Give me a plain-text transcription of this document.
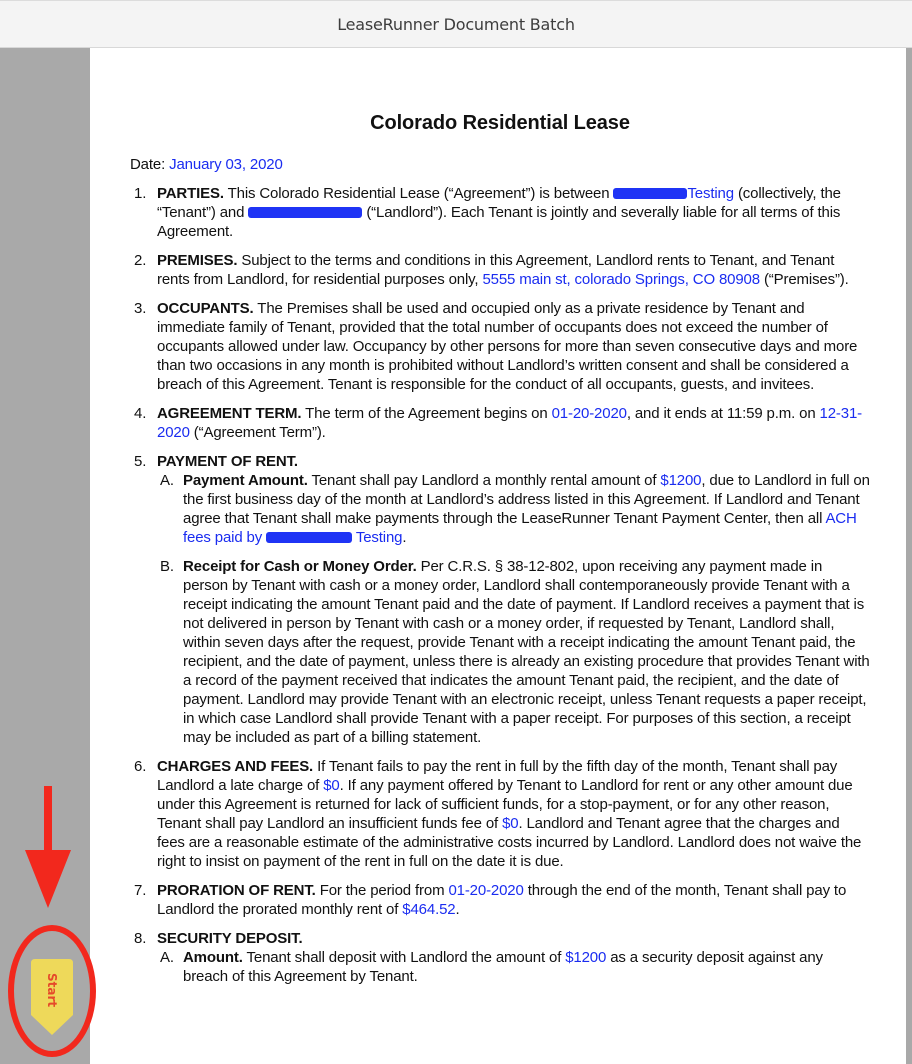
LeaseRunner Document Batch
Colorado Residential Lease
Date: January 03, 2020
1. PARTIES. This Colorado Residential Lease (“Agreement”) is between	Testing (collectively, the “Tenant”) and	(“Landlord”). Each Tenant is jointly and severally liable for all terms of this Agreement.
2. PREMISES. Subject to the terms and conditions in this Agreement, Landlord rents to Tenant, and Tenant rents from Landlord, for residential purposes only, 5555 main st, colorado Springs, CO 80908 (“Premises”).
3. OCCUPANTS. The Premises shall be used and occupied only as a private residence by Tenant and immediate family of Tenant, provided that the total number of occupants does not exceed the number of occupants allowed under law. Occupancy by other persons for more than seven consecutive days and more than two occasions in any month is prohibited without Landlord’s written consent and shall be considered a breach of this Agreement. Tenant is responsible for the conduct of all occupants, guests, and invitees.
4. AGREEMENT TERM. The term of the Agreement begins on 01-20-2020, and it ends at 11:59 p.m. on 12-31-2020 (“Agreement Term”).
5. PAYMENT OF RENT.
A. Payment Amount. Tenant shall pay Landlord a monthly rental amount of $1200, due to Landlord in full on the first business day of the month at Landlord’s address listed in this Agreement. If Landlord and Tenant agree that Tenant shall make payments through the LeaseRunner Tenant Payment Center, then all ACH fees paid by	Testing.
B. Receipt for Cash or Money Order. Per C.R.S. § 38-12-802, upon receiving any payment made in person by Tenant with cash or a money order, Landlord shall contemporaneously provide Tenant with a receipt indicating the amount Tenant paid and the date of payment. If Landlord receives a payment that is not delivered in person by Tenant with cash or a money order, if requested by Tenant, Landlord shall, within seven days after the request, provide Tenant with a receipt indicating the amount Tenant paid, the recipient, and the date of payment, unless there is already an existing procedure that provides Tenant with a record of the payment received that indicates the amount Tenant paid, the recipient, and the date of payment. Landlord may provide Tenant with an electronic receipt, unless Tenant requests a paper receipt, in which case Landlord shall provide Tenant with a paper receipt. For purposes of this section, a receipt may be included as part of a billing statement.
6. CHARGES AND FEES. If Tenant fails to pay the rent in full by the fifth day of the month, Tenant shall pay Landlord a late charge of $0. If any payment offered by Tenant to Landlord for rent or any other amount due under this Agreement is returned for lack of sufficient funds, for a stop-payment, or for any other reason, Tenant shall pay Landlord an insufficient funds fee of $0. Landlord and Tenant agree that the charges and fees are a reasonable estimate of the administrative costs incurred by Landlord. Landlord does not waive the right to insist on payment of the rent in full on the date it is due.
7. PRORATION OF RENT. For the period from 01-20-2020 through the end of the month, Tenant shall pay to Landlord the prorated monthly rent of $464.52.
8. SECURITY DEPOSIT.
A. Amount. Tenant shall deposit with Landlord the amount of $1200 as a security deposit against any breach of this Agreement by Tenant.
Start
